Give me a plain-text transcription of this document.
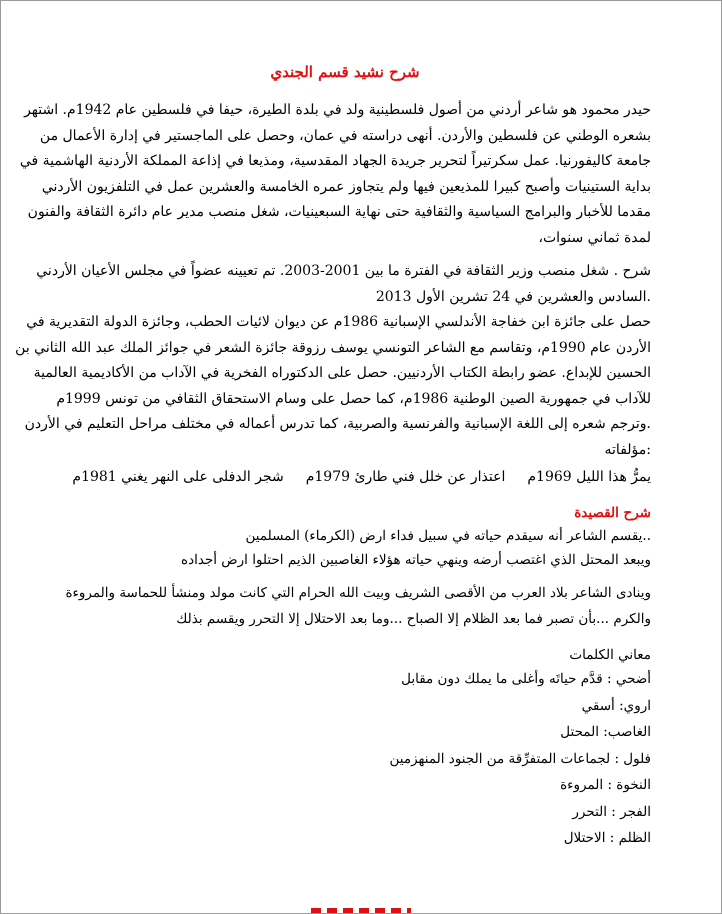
شرح نشيد قسم الجندي

حيدر محمود هو شاعر أردني من أصول فلسطينية ولد في بلدة الطيرة، حيفا في فلسطين عام 1942م. اشتهر
بشعره الوطني عن فلسطين والأردن. أنهى دراسته في عمان، وحصل على الماجستير في إدارة الأعمال من
جامعة كاليفورنيا. عمل سكرتيراً لتحرير جريدة الجهاد المقدسية، ومذيعا في إذاعة المملكة الأردنية الهاشمية في
بداية الستينيات وأصبح كبيرا للمذيعين فيها ولم يتجاوز عمره الخامسة والعشرين عمل في التلفزيون الأردني
مقدما للأخبار والبرامج السياسية والثقافية حتى نهاية السبعينيات، شغل منصب مدير عام دائرة الثقافة والفنون
لمدة ثماني سنوات،

شرح . شغل منصب وزير الثقافة في الفترة ما بين 2001-2003. تم تعيينه عضواً في مجلس الأعيان الأردني
.السادس والعشرين في 24 تشرين الأول 2013

حصل على جائزة ابن خفاجة الأندلسي الإسبانية 1986م عن ديوان لائيات الحطب، وجائزة الدولة التقديرية في
الأردن عام 1990م، وتقاسم مع الشاعر التونسي يوسف رزوقة جائزة الشعر في جوائز الملك عبد الله الثاني بن
الحسين للإبداع. عضو رابطة الكتاب الأردنيين. حصل على الدكتوراه الفخرية في الآداب من الأكاديمية العالمية
للآداب في جمهورية الصين الوطنية 1986م، كما حصل على وسام الاستحقاق الثقافي من تونس 1999م
.وترجم شعره إلى اللغة الإسبانية والفرنسية والصربية، كما تدرس أعماله في مختلف مراحل التعليم في الأردن
:مؤلفاته

يمرُّ هذا الليل 1969م
اعتذار عن خلل فني طارئ 1979م
شجر الدفلى على النهر يغني 1981م
شرح القصيدة
..يقسم الشاعر أنه سيقدم حياته في سبيل فداء ارض (الكرماء) المسلمين
ويبعد المحتل الذي اغتصب أرضه وينهي حياته هؤلاء الغاصبين الذيم احتلوا ارض أجداده
وينادى الشاعر بلاد العرب من الأقصى الشريف وبيت الله الحرام التي كانت مولد ومنشأ للحماسة والمروءة
والكرم ...بأن تصبر فما بعد الظلام إلا الصباح ...وما بعد الاحتلال إلا التحرر ويقسم بذلك
معاني الكلمات
أضحي : قدَّم حياتَه وأغلى ما يملك دون مقابل
اروي: أسقي
الغاصب: المحتل
فلول : لجماعات المتفرِّقة من الجنود المنهزمين
النخوة : المروءة
الفجر : التحرر
الظلم : الاحتلال
